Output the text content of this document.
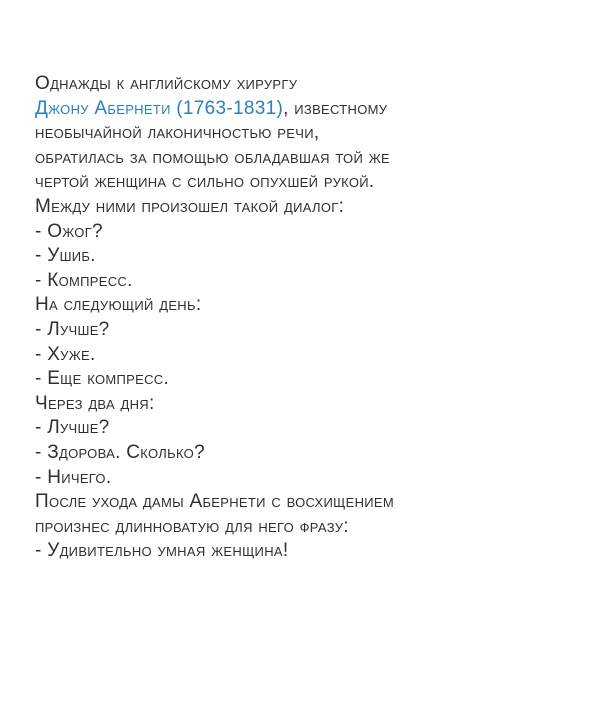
Однажды к английскому хирургу
Джону Абернети (1763-1831), известному
необычайной лаконичностью речи,
обратилась за помощью обладавшая той же
чертой женщина с сильно опухшей рукой.
Между ними произошел такой диалог:
- Ожог?
- Ушиб.
- Компресс.
На следующий день:
- Лучше?
- Хуже.
- Еще компресс.
Через два дня:
- Лучше?
- Здорова. Сколько?
- Ничего.
После ухода дамы Абернети с восхищением
произнес длинноватую для него фразу:
- Удивительно умная женщина!
